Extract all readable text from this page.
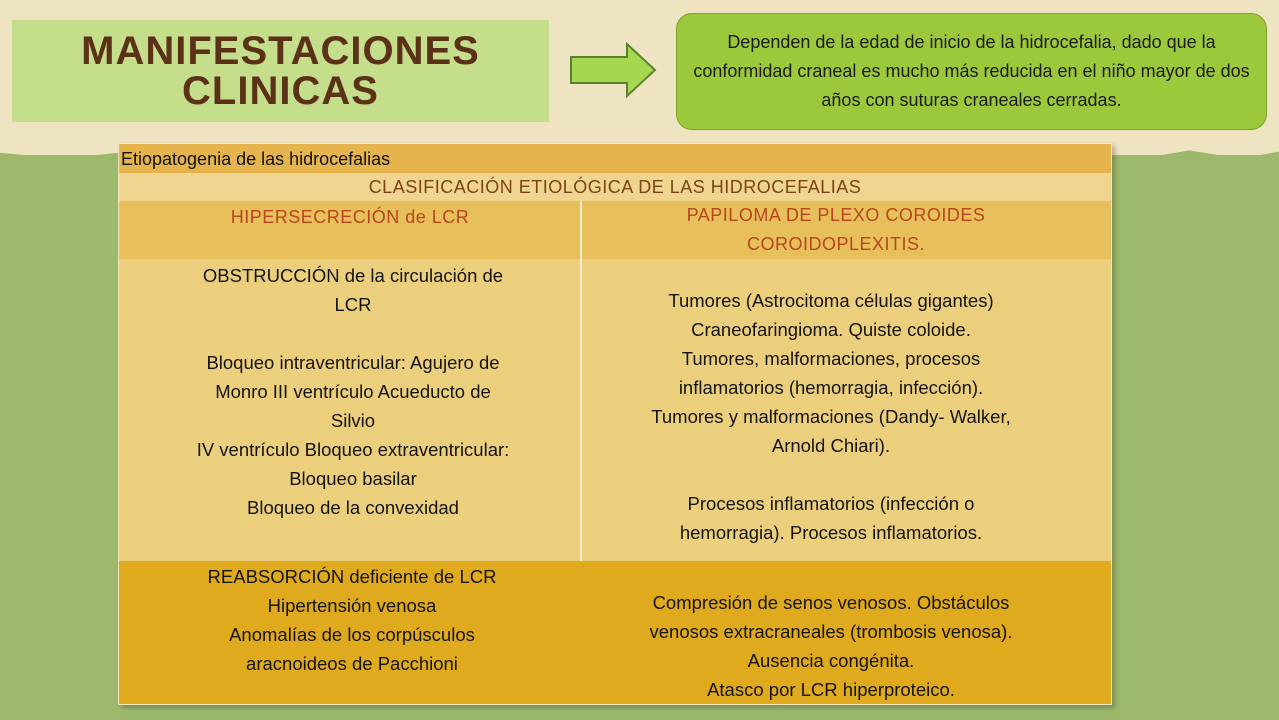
MANIFESTACIONES
CLINICAS
Dependen de la edad de inicio de la hidrocefalia, dado que la conformidad craneal es mucho más reducida en el niño mayor de dos años con suturas craneales cerradas.
Etiopatogenia de las hidrocefalias
CLASIFICACIÓN ETIOLÓGICA DE LAS HIDROCEFALIAS
HIPERSECRECIÓN de LCR	PAPILOMA DE PLEXO COROIDES
COROIDOPLEXITIS.
OBSTRUCCIÓN de la circulación de
LCR

Bloqueo intraventricular: Agujero de
Monro III ventrículo Acueducto de
Silvio
IV ventrículo Bloqueo extraventricular:
Bloqueo basilar
Bloqueo de la convexidad
Tumores (Astrocitoma células gigantes)
Craneofaringioma. Quiste coloide.
Tumores, malformaciones, procesos
inflamatorios (hemorragia, infección).
Tumores y malformaciones (Dandy- Walker,
Arnold Chiari).

Procesos inflamatorios (infección o
hemorragia). Procesos inflamatorios.
REABSORCIÓN deficiente de LCR
Hipertensión venosa
Anomalías de los corpúsculos
aracnoideos de Pacchioni
Compresión de senos venosos. Obstáculos
venosos extracraneales (trombosis venosa).
Ausencia congénita.
Atasco por LCR hiperproteico.
